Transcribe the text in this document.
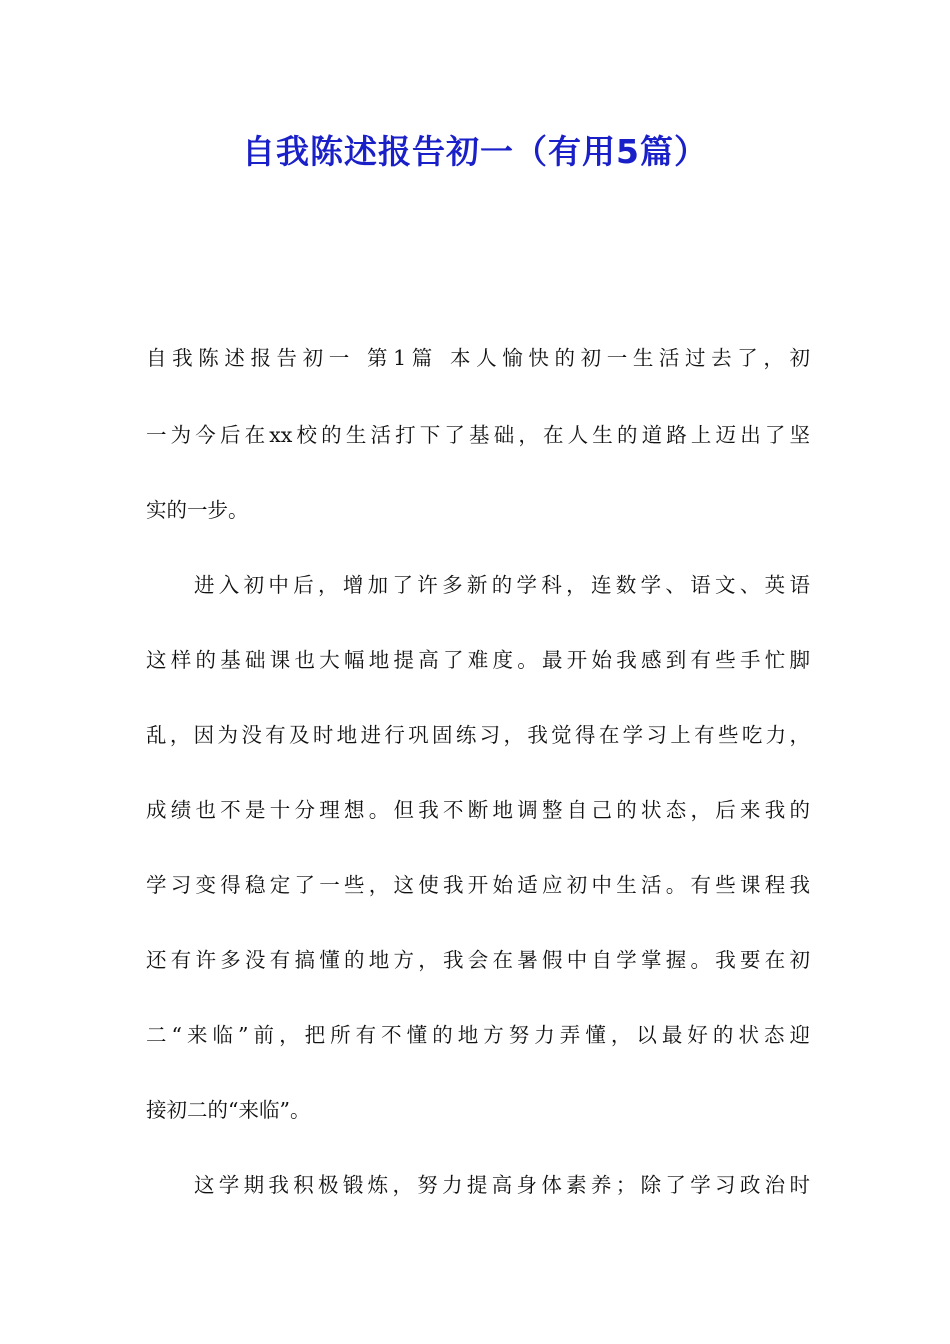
自我陈述报告初一（有用5篇）
自我陈述报告初一 第1篇 本人愉快的初一生活过去了，初
一为今后在xx校的生活打下了基础，在人生的道路上迈出了坚
实的一步。
进入初中后，增加了许多新的学科，连数学、语文、英语
这样的基础课也大幅地提高了难度。最开始我感到有些手忙脚
乱，因为没有及时地进行巩固练习，我觉得在学习上有些吃力，
成绩也不是十分理想。但我不断地调整自己的状态，后来我的
学习变得稳定了一些，这使我开始适应初中生活。有些课程我
还有许多没有搞懂的地方，我会在暑假中自学掌握。我要在初
二“来临”前，把所有不懂的地方努力弄懂，以最好的状态迎
接初二的“来临”。
这学期我积极锻炼，努力提高身体素养；除了学习政治时
